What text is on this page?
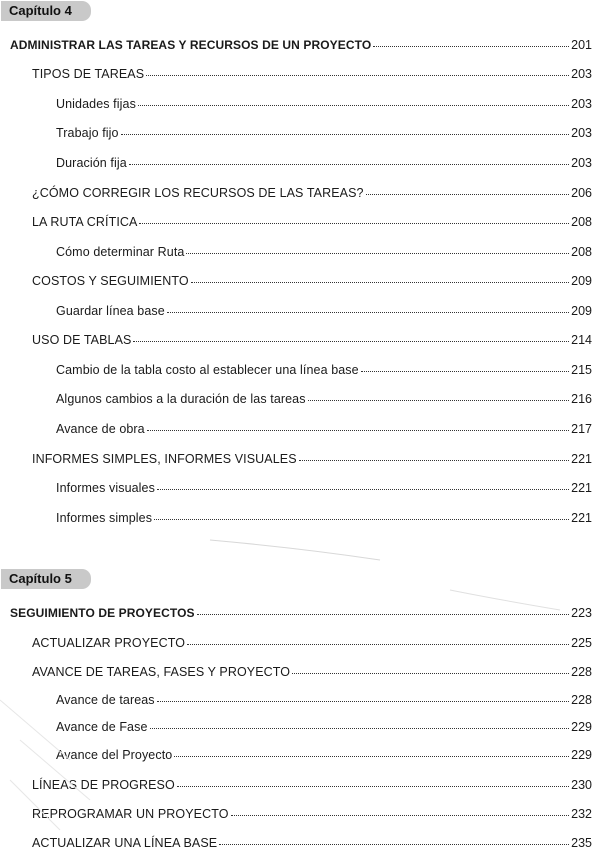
Capítulo 4
ADMINISTRAR LAS TAREAS Y RECURSOS DE UN PROYECTO	201
TIPOS DE TAREAS	203
Unidades fijas	203
Trabajo fijo	203
Duración fija	203
¿CÓMO CORREGIR LOS RECURSOS DE LAS TAREAS?	206
LA RUTA CRÍTICA	208
Cómo determinar Ruta	208
COSTOS Y SEGUIMIENTO	209
Guardar línea base	209
USO DE TABLAS	214
Cambio de la tabla costo al establecer una línea base	215
Algunos cambios a la duración de las tareas	216
Avance de obra	217
INFORMES SIMPLES, INFORMES VISUALES	221
Informes visuales	221
Informes simples	221
Capítulo 5
SEGUIMIENTO DE PROYECTOS	223
ACTUALIZAR PROYECTO	225
AVANCE DE TAREAS, FASES Y PROYECTO	228
Avance de tareas	228
Avance de Fase	229
Avance del Proyecto	229
LÍNEAS DE PROGRESO	230
REPROGRAMAR UN PROYECTO	232
ACTUALIZAR UNA LÍNEA BASE	235
